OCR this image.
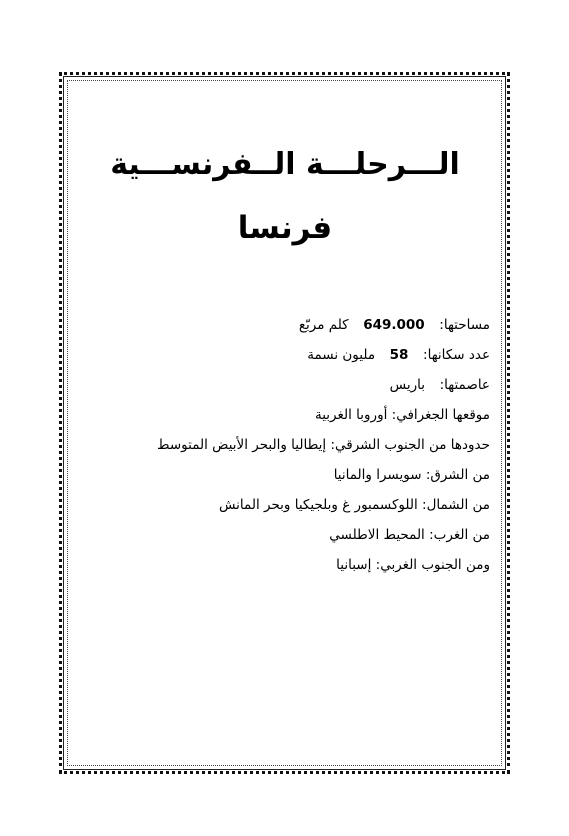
الـــرحلـــة الــفرنســـية
فرنسا
مساحتها:  649.000  كلم مربّع
عدد سكانها:  58  مليون نسمة
عاصمتها:  باريس
موقعها الجغرافي: أوروبا الغربية
حدودها من الجنوب الشرقي: إيطاليا والبحر الأبيض المتوسط
من الشرق: سويسرا والمانيا
من الشمال: اللوكسمبور غ وبلجيكيا وبحر المانش
من الغرب: المحيط الاطلسي
ومن الجنوب الغربي: إسبانيا
